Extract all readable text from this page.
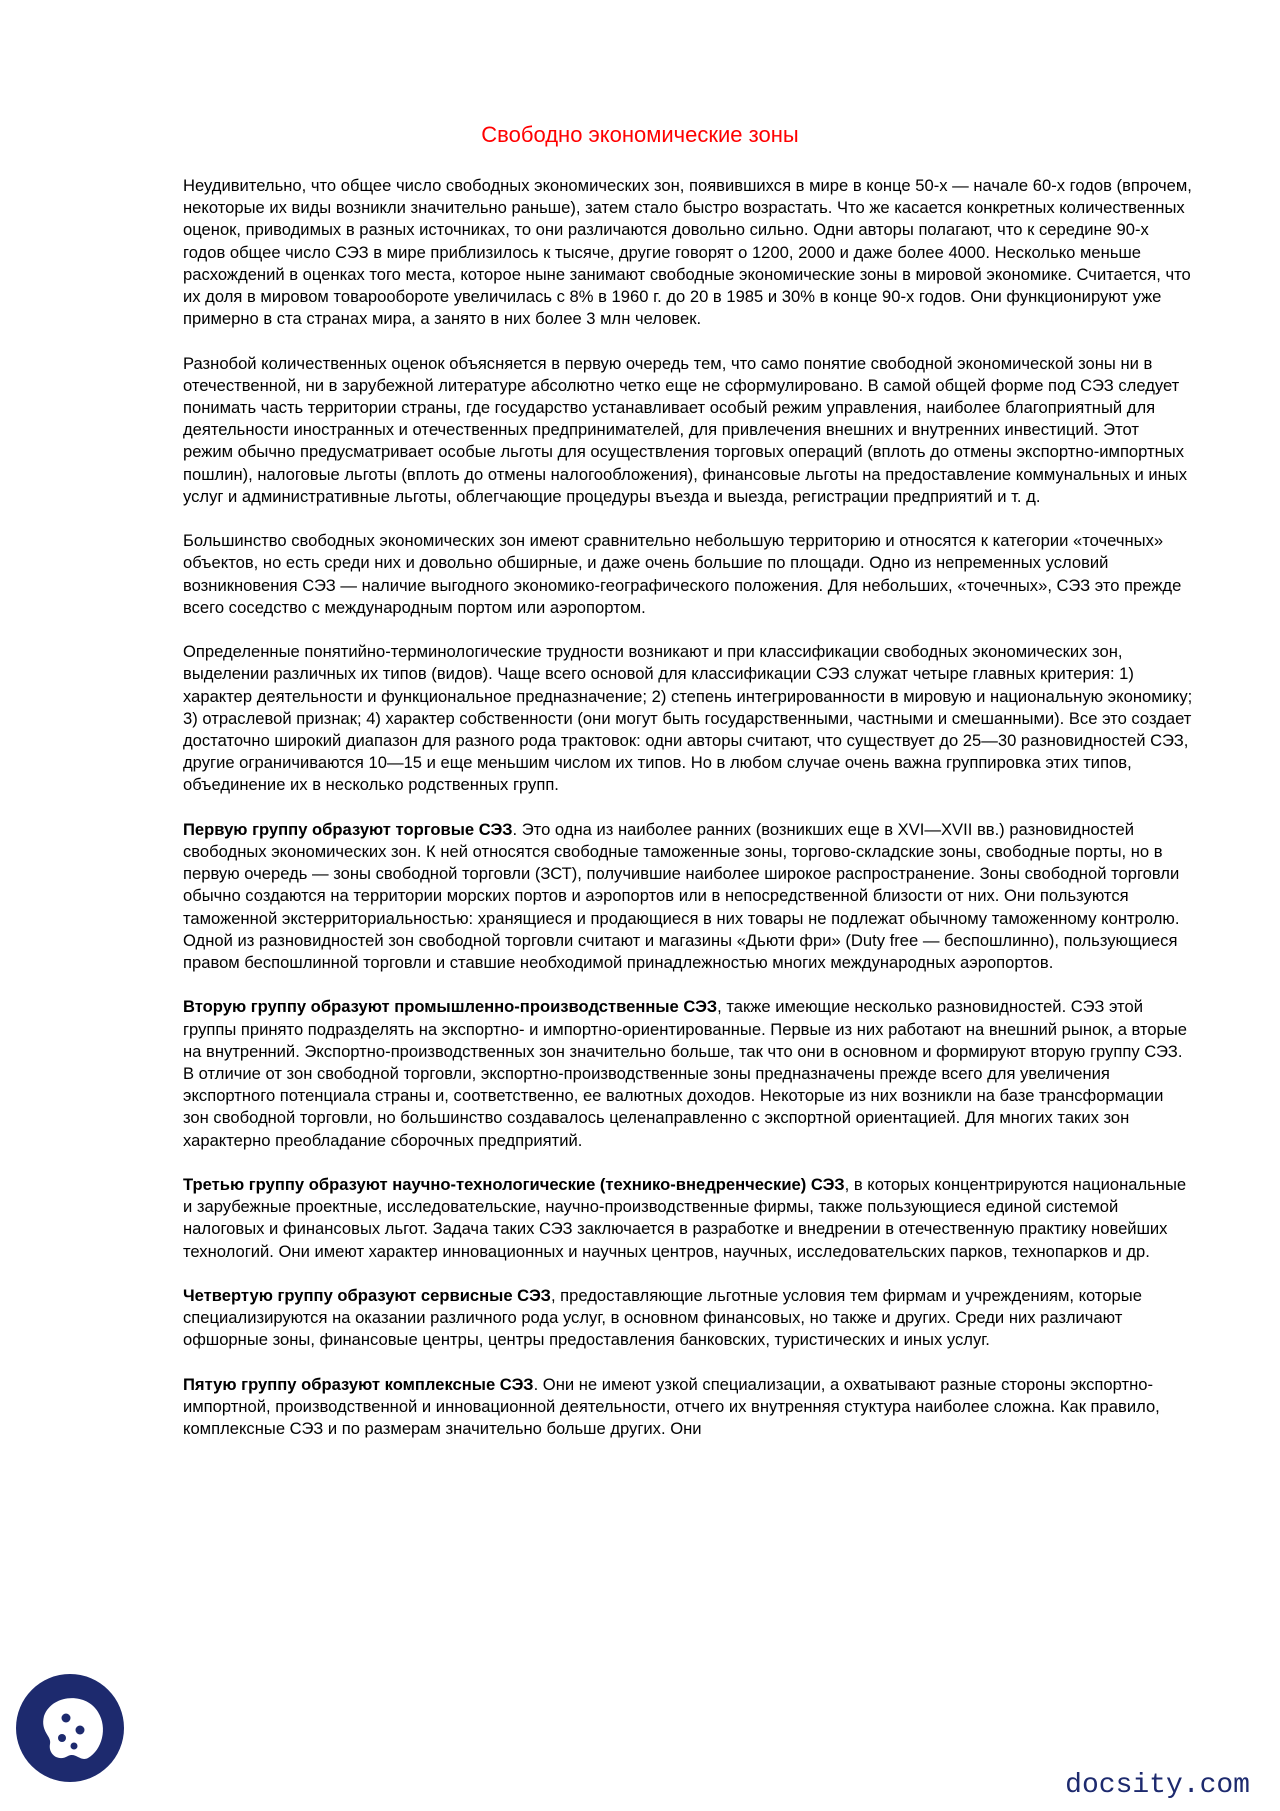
Свободно экономические зоны

Неудивительно, что общее число свободных экономических зон, появившихся в мире в конце 50-х — начале 60-х годов (впрочем, некоторые их виды возникли значительно раньше), затем стало быстро возрастать. Что же касается конкретных количественных оценок, приводимых в разных источниках, то они различаются довольно сильно. Одни авторы полагают, что к середине 90-х годов общее число СЭЗ в мире приблизилось к тысяче, другие говорят о 1200, 2000 и даже более 4000. Несколько меньше расхождений в оценках того места, которое ныне занимают свободные экономические зоны в мировой экономике. Считается, что их доля в мировом товарообороте увеличилась с 8% в 1960 г. до 20 в 1985 и 30% в конце 90-х годов. Они функционируют уже примерно в ста странах мира, а занято в них более 3 млн человек.

Разнобой количественных оценок объясняется в первую очередь тем, что само понятие свободной экономической зоны ни в отечественной, ни в зарубежной литературе абсолютно четко еще не сформулировано. В самой общей форме под СЭЗ следует понимать часть территории страны, где государство устанавливает особый режим управления, наиболее благоприятный для деятельности иностранных и отечественных предпринимателей, для привлечения внешних и внутренних инвестиций. Этот режим обычно предусматривает особые льготы для осуществления торговых операций (вплоть до отмены экспортно-импортных пошлин), налоговые льготы (вплоть до отмены налогообложения), финансовые льготы на предоставление коммунальных и иных услуг и административные льготы, облегчающие процедуры въезда и выезда, регистрации предприятий и т. д.

Большинство свободных экономических зон имеют сравнительно небольшую территорию и относятся к категории «точечных» объектов, но есть среди них и довольно обширные, и даже очень большие по площади. Одно из непременных условий возникновения СЭЗ — наличие выгодного экономико-географического положения. Для небольших, «точечных», СЭЗ это прежде всего соседство с международным портом или аэропортом.

Определенные понятийно-терминологические трудности возникают и при классификации свободных экономических зон, выделении различных их типов (видов). Чаще всего основой для классификации СЭЗ служат четыре главных критерия: 1) характер деятельности и функциональное предназначение; 2) степень интегрированности в мировую и национальную экономику; 3) отраслевой признак; 4) характер собственности (они могут быть государственными, частными и смешанными). Все это создает достаточно широкий диапазон для разного рода трактовок: одни авторы считают, что существует до 25—30 разновидностей СЭЗ, другие ограничиваются 10—15 и еще меньшим числом их типов. Но в любом случае очень важна группировка этих типов, объединение их в несколько родственных групп.

Первую группу образуют торговые СЭЗ. Это одна из наиболее ранних (возникших еще в XVI—XVII вв.) разновидностей свободных экономических зон. К ней относятся свободные таможенные зоны, торгово-складские зоны, свободные порты, но в первую очередь — зоны свободной торговли (ЗСТ), получившие наиболее широкое распространение. Зоны свободной торговли обычно создаются на территории морских портов и аэропортов или в непосредственной близости от них. Они пользуются таможенной экстерриториальностью: хранящиеся и продающиеся в них товары не подлежат обычному таможенному контролю. Одной из разновидностей зон свободной торговли считают и магазины «Дьюти фри» (Duty free — беспошлинно), пользующиеся правом беспошлинной торговли и ставшие необходимой принадлежностью многих международных аэропортов.

Вторую группу образуют промышленно-производственные СЭЗ, также имеющие несколько разновидностей. СЭЗ этой группы принято подразделять на экспортно- и импортно-ориентированные. Первые из них работают на внешний рынок, а вторые на внутренний. Экспортно-производственных зон значительно больше, так что они в основном и формируют вторую группу СЭЗ. В отличие от зон свободной торговли, экспортно-производственные зоны предназначены прежде всего для увеличения экспортного потенциала страны и, соответственно, ее валютных доходов. Некоторые из них возникли на базе трансформации зон свободной торговли, но большинство создавалось целенаправленно с экспортной ориентацией. Для многих таких зон характерно преобладание сборочных предприятий.

Третью группу образуют научно-технологические (технико-внедренческие) СЭЗ, в которых концентрируются национальные и зарубежные проектные, исследовательские, научно-производственные фирмы, также пользующиеся единой системой налоговых и финансовых льгот. Задача таких СЭЗ заключается в разработке и внедрении в отечественную практику новейших технологий. Они имеют характер инновационных и научных центров, научных, исследовательских парков, технопарков и др.

Четвертую группу образуют сервисные СЭЗ, предоставляющие льготные условия тем фирмам и учреждениям, которые специализируются на оказании различного рода услуг, в основном финансовых, но также и других. Среди них различают офшорные зоны, финансовые центры, центры предоставления банковских, туристических и иных услуг.

Пятую группу образуют комплексные СЭЗ. Они не имеют узкой специализации, а охватывают разные стороны экспортно-импортной, производственной и инновационной деятельности, отчего их внутренняя стуктура наиболее сложна. Как правило, комплексные СЭЗ и по размерам значительно больше других. Они

docsity.com
